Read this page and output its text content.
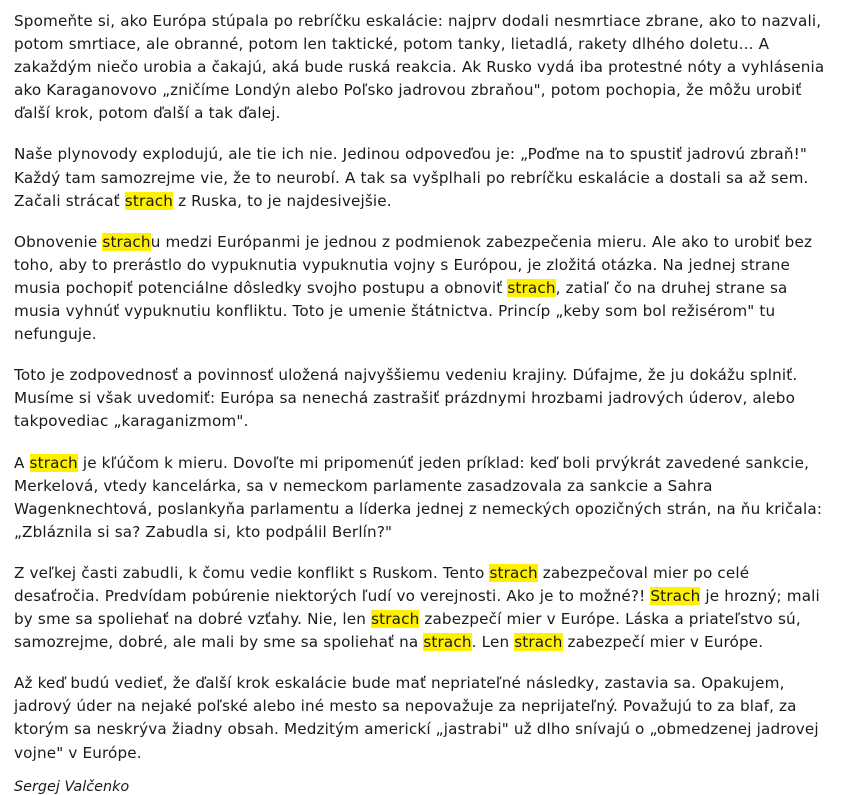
Spomeňte si, ako Európa stúpala po rebríčku eskalácie: najprv dodali nesmrtiace zbrane, ako to nazvali, potom smrtiace, ale obranné, potom len taktické, potom tanky, lietadlá, rakety dlhého doletu... A zakaždým niečo urobia a čakajú, aká bude ruská reakcia. Ak Rusko vydá iba protestné nóty a vyhlásenia ako Karaganovovo „zničíme Londýn alebo Poľsko jadrovou zbraňou", potom pochopia, že môžu urobiť ďalší krok, potom ďalší a tak ďalej.

Naše plynovody explodujú, ale tie ich nie. Jedinou odpoveďou je: „Poďme na to spustiť jadrovú zbraň!" Každý tam samozrejme vie, že to neurobí. A tak sa vyšplhali po rebríčku eskalácie a dostali sa až sem. Začali strácať strach z Ruska, to je najdesivejšie.

Obnovenie strachu medzi Európanmi je jednou z podmienok zabezpečenia mieru. Ale ako to urobiť bez toho, aby to prerástlo do vypuknutia vypuknutia vojny s Európou, je zložitá otázka. Na jednej strane musia pochopiť potenciálne dôsledky svojho postupu a obnoviť strach, zatiaľ čo na druhej strane sa musia vyhnúť vypuknutiu konfliktu. Toto je umenie štátnictva. Princíp „keby som bol režisérom" tu nefunguje.

Toto je zodpovednosť a povinnosť uložená najvyššiemu vedeniu krajiny. Dúfajme, že ju dokážu splniť. Musíme si však uvedomiť: Európa sa nenechá zastrašiť prázdnymi hrozbami jadrových úderov, alebo takpovediac „karaganizmom".

A strach je kľúčom k mieru. Dovoľte mi pripomenúť jeden príklad: keď boli prvýkrát zavedené sankcie, Merkelová, vtedy kancelárka, sa v nemeckom parlamente zasadzovala za sankcie a Sahra Wagenknechtová, poslankyňa parlamentu a líderka jednej z nemeckých opozičných strán, na ňu kričala: „Zbláznila si sa? Zabudla si, kto podpálil Berlín?"

Z veľkej časti zabudli, k čomu vedie konflikt s Ruskom. Tento strach zabezpečoval mier po celé desaťročia. Predvídam pobúrenie niektorých ľudí vo verejnosti. Ako je to možné?! Strach je hrozný; mali by sme sa spoliehať na dobré vzťahy. Nie, len strach zabezpečí mier v Európe. Láska a priateľstvo sú, samozrejme, dobré, ale mali by sme sa spoliehať na strach. Len strach zabezpečí mier v Európe.

Až keď budú vedieť, že ďalší krok eskalácie bude mať nepriateľné následky, zastavia sa. Opakujem, jadrový úder na nejaké poľské alebo iné mesto sa nepovažuje za neprijateľný. Považujú to za blaf, za ktorým sa neskrýva žiadny obsah. Medzitým americkí „jastrabi" už dlho snívajú o „obmedzenej jadrovej vojne" v Európe.

Sergej Valčenko
